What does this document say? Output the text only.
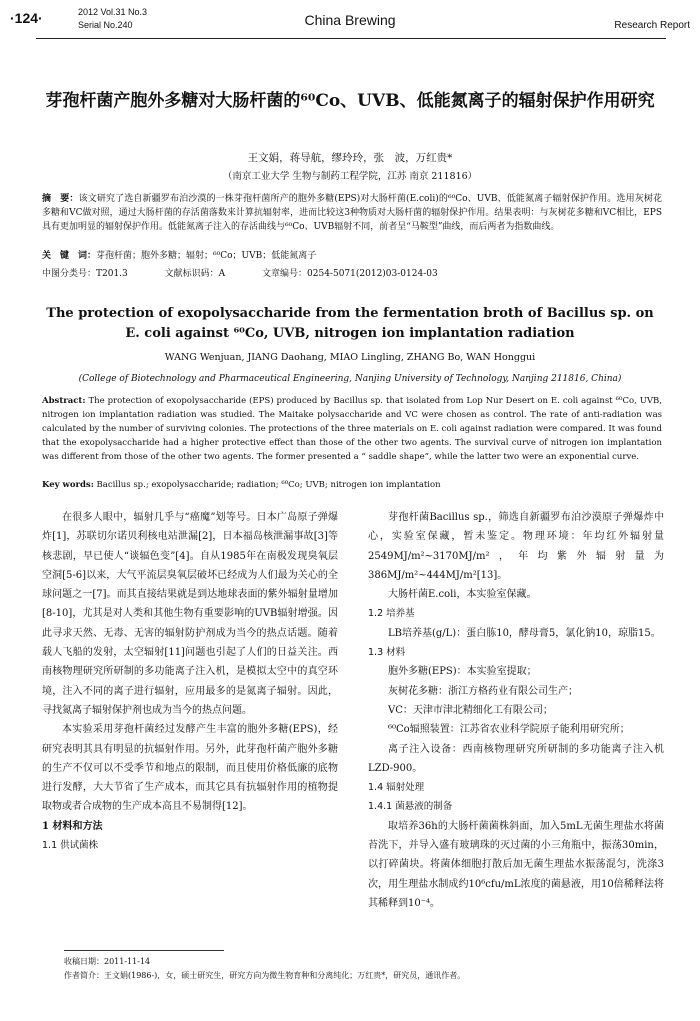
·124·	2012 Vol.31 No.3
Serial No.240	China Brewing	Research Report
芽孢杆菌产胞外多糖对大肠杆菌的⁶⁰Co、UVB、低能氮离子的辐射保护作用研究
王文娟，蒋导航，缪玲玲，张　波，万红贵*
（南京工业大学 生物与制药工程学院，江苏 南京 211816）
摘　要：该文研究了选自新疆罗布泊沙漠的一株芽孢杆菌所产的胞外多糖(EPS)对大肠杆菌(E.coli)的⁶⁰Co、UVB、低能氮离子辐射保护作用。选用灰树花多糖和VC做对照，通过大肠杆菌的存活菌落数来计算抗辐射率，进而比较这3种物质对大肠杆菌的辐射保护作用。结果表明：与灰树花多糖和VC相比，EPS具有更加明显的辐射保护作用。低能氮离子注入的存活曲线与⁶⁰Co、UVB辐射不同，前者呈“马鞍型”曲线，而后两者为指数曲线。
关　键　词：芽孢杆菌；胞外多糖；辐射；⁶⁰Co；UVB；低能氮离子
中图分类号：T201.3	文献标识码：A	文章编号：0254-5071(2012)03-0124-03
The protection of exopolysaccharide from the fermentation broth of Bacillus sp. on E. coli against ⁶⁰Co, UVB, nitrogen ion implantation radiation
WANG Wenjuan, JIANG Daohang, MIAO Lingling, ZHANG Bo, WAN Honggui
(College of Biotechnology and Pharmaceutical Engineering, Nanjing University of Technology, Nanjing 211816, China)
Abstract: The protection of exopolysaccharide (EPS) produced by Bacillus sp. that isolated from Lop Nur Desert on E. coli against ⁶⁰Co, UVB, nitrogen ion implantation radiation was studied. The Maitake polysaccharide and VC were chosen as control. The rate of anti-radiation was calculated by the number of surviving colonies. The protections of the three materials on E. coli against radiation were compared. It was found that the exopolysaccharide had a higher protective effect than those of the other two agents. The survival curve of nitrogen ion implantation was different from those of the other two agents. The former presented a “ saddle shape”, while the latter two were an exponential curve.
Key words: Bacillus sp.; exopolysaccharide; radiation; ⁶⁰Co; UVB; nitrogen ion implantation

在很多人眼中，辐射几乎与“癌魔”划等号。日本广岛原子弹爆炸[1]，苏联切尔诺贝利核电站泄漏[2]，日本福岛核泄漏事故[3]等核悲剧，早已使人“谈辐色变”[4]。自从1985年在南极发现臭氧层空洞[5-6]以来，大气平流层臭氧层破坏已经成为人们最为关心的全球问题之一[7]。而其直接结果就是到达地球表面的紫外辐射量增加[8-10]，尤其是对人类和其他生物有重要影响的UVB辐射增强。因此寻求天然、无毒、无害的辐射防护剂成为当今的热点话题。随着载人飞船的发射，太空辐射[11]问题也引起了人们的日益关注。西南核物理研究所研制的多功能离子注入机，是模拟太空中的真空环境，注入不同的离子进行辐射，应用最多的是氮离子辐射。因此，寻找氮离子辐射保护剂也成为当今的热点问题。

本实验采用芽孢杆菌经过发酵产生丰富的胞外多糖(EPS)，经研究表明其具有明显的抗辐射作用。另外，此芽孢杆菌产胞外多糖的生产不仅可以不受季节和地点的限制，而且使用价格低廉的底物进行发酵，大大节省了生产成本，而其它具有抗辐射作用的植物提取物或者合成物的生产成本高且不易制得[12]。

1 材料和方法

1.1 供试菌株

芽孢杆菌Bacillus sp.，筛选自新疆罗布泊沙漠原子弹爆炸中心，实验室保藏，暂未鉴定。物理环境：年均红外辐射量2549MJ/m²~3170MJ/m²，年均紫外辐射量为386MJ/m²~444MJ/m²[13]。

大肠杆菌E.coli，本实验室保藏。

1.2 培养基

LB培养基(g/L)：蛋白胨10，酵母膏5，氯化钠10，琼脂15。

1.3 材料

胞外多糖(EPS)：本实验室提取；

灰树花多糖：浙江方格药业有限公司生产；

VC：天津市津北精细化工有限公司；

⁶⁰Co辐照装置：江苏省农业科学院原子能利用研究所；

离子注入设备：西南核物理研究所研制的多功能离子注入机LZD-900。

1.4 辐射处理

1.4.1 菌悬液的制备

取培养36h的大肠杆菌菌株斜面，加入5mL无菌生理盐水将菌苔洗下，并导入盛有玻璃珠的灭过菌的小三角瓶中，振荡30min，以打碎菌块。将菌体细胞打散后加无菌生理盐水振荡混匀，洗涤3次，用生理盐水制成约10⁶cfu/mL浓度的菌悬液，用10倍稀释法将其稀释到10⁻⁴。

收稿日期：2011-11-14
作者简介：王文娟(1986-)，女，硕士研究生，研究方向为微生物育种和分离纯化；万红贵*，研究员，通讯作者。
